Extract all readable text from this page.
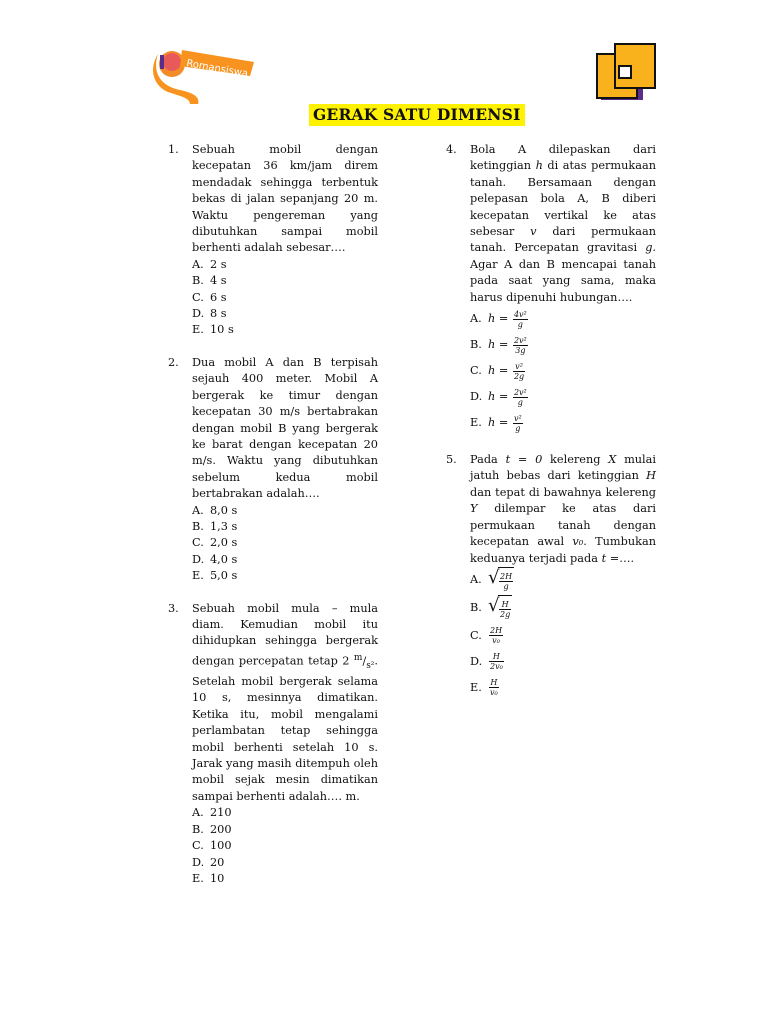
Romansiswa
GERAK SATU DIMENSI
1. Sebuah mobil dengan kecepatan 36 km/jam direm mendadak sehingga terbentuk bekas di jalan sepanjang 20 m. Waktu pengereman yang dibutuhkan sampai mobil berhenti adalah sebesar….
A. 2 s
B. 4 s
C. 6 s
D. 8 s
E. 10 s
2. Dua mobil A dan B terpisah sejauh 400 meter. Mobil A bergerak ke timur dengan kecepatan 30 m/s bertabrakan dengan mobil B yang bergerak ke barat dengan kecepatan 20 m/s. Waktu yang dibutuhkan sebelum kedua mobil bertabrakan adalah….
A. 8,0 s
B. 1,3 s
C. 2,0 s
D. 4,0 s
E. 5,0 s
3. Sebuah mobil mula – mula diam. Kemudian mobil itu dihidupkan sehingga bergerak dengan percepatan tetap 2 $^m/_{s^2}$. Setelah mobil bergerak selama 10 s, mesinnya dimatikan. Ketika itu, mobil mengalami perlambatan tetap sehingga mobil berhenti setelah 10 s. Jarak yang masih ditempuh oleh mobil sejak mesin dimatikan sampai berhenti adalah…. m.
A. 210
B. 200
C. 100
D. 20
E. 10
4. Bola A dilepaskan dari ketinggian h di atas permukaan tanah. Bersamaan dengan pelepasan bola A, B diberi kecepatan vertikal ke atas sebesar v dari permukaan tanah. Percepatan gravitasi g. Agar A dan B mencapai tanah pada saat yang sama, maka harus dipenuhi hubungan….
A. $h = \frac{\text{4v²}}{g}$
B. $h = \frac{\text{2v²}}{3g}$
C. $h = \frac{\text{v²}}{2g}$
D. $h = \frac{\text{2v²}}{g}$
E. $h = \frac{\text{v²}}{g}$
5. Pada t = 0 kelereng X mulai jatuh bebas dari ketinggian H dan tepat di bawahnya kelereng Y dilempar ke atas dari permukaan tanah dengan kecepatan awal v₀. Tumbukan keduanya terjadi pada t =….
A. √ $\frac{2H}{g}$
B. √ $\frac{H}{2g}$
C. $\frac{2H}{\text{v₀}}$
D. $\frac{H}{\text{2v₀}}$
E. $\frac{H}{\text{v₀}}$
